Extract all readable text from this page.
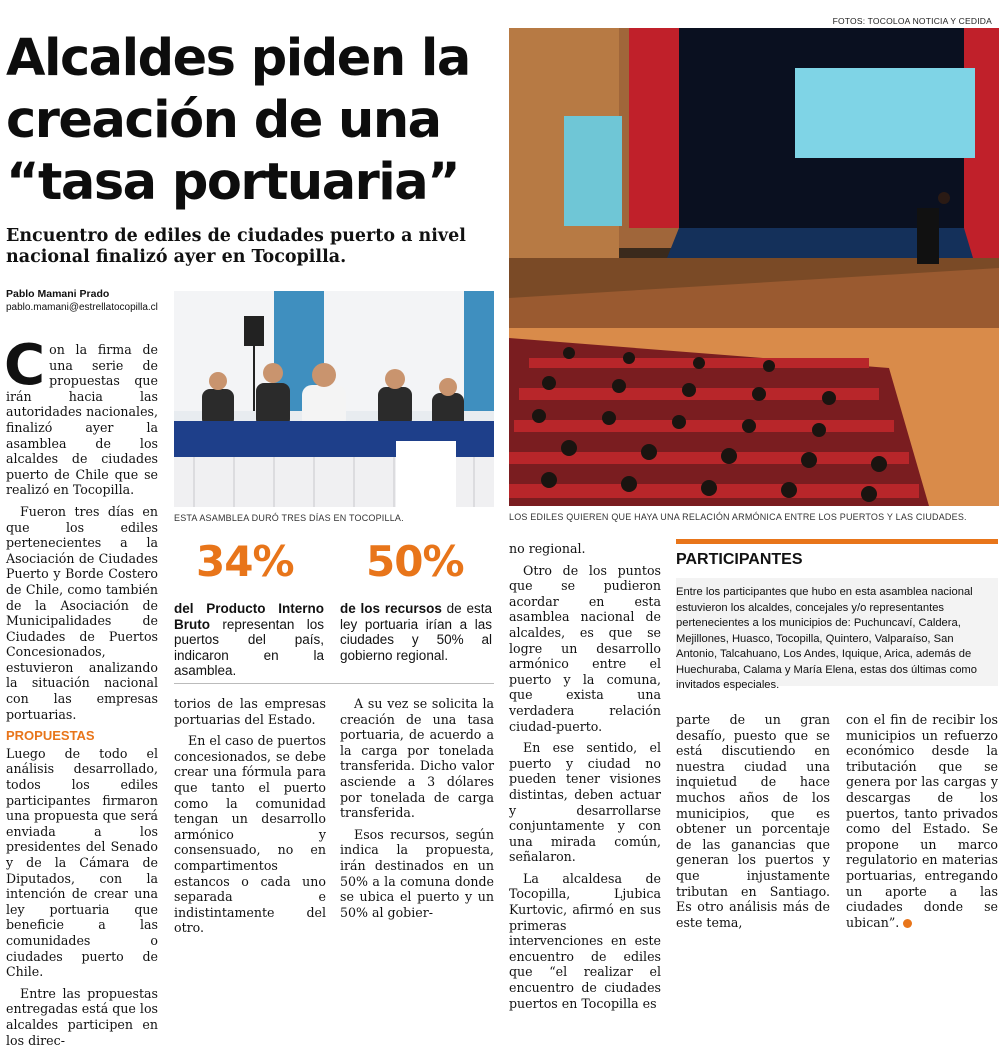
FOTOS: TOCOLOA NOTICIA Y CEDIDA
Alcaldes piden la
creación de una
“tasa portuaria”

Encuentro de ediles de ciudades puerto a nivel nacional finalizó ayer en Tocopilla.

Pablo Mamani Prado
pablo.mamani@estrellatocopilla.cl
LOS EDILES QUIEREN QUE HAYA UNA RELACIÓN ARMÓNICA ENTRE LOS PUERTOS Y LAS CIUDADES.
ESTA ASAMBLEA DURÓ TRES DÍAS EN TOCOPILLA.

Con la firma de una serie de propuestas que irán hacia las autoridades nacionales, finalizó ayer la asamblea de los alcaldes de ciudades puerto de Chile que se realizó en Tocopilla.

Fueron tres días en que los ediles pertenecientes a la Asociación de Ciudades Puerto y Borde Costero de Chile, como también de la Asociación de Municipalidades de Ciudades de Puertos Concesionados, estuvieron analizando la situación nacional con las empresas portuarias.

PROPUESTAS

Luego de todo el análisis desarrollado, todos los ediles participantes firmaron una propuesta que será enviada a los presidentes del Senado y de la Cámara de Diputados, con la intención de crear una ley portuaria que beneficie a las comunidades o ciudades puerto de Chile.

Entre las propuestas entregadas está que los alcaldes participen en los direc-

34%
del Producto Interno Bruto representan los puertos del país, indicaron en la asamblea.
50%
de los recursos de esta ley portuaria irían a las ciudades y 50% al gobierno regional.

torios de las empresas portuarias del Estado.

En el caso de puertos concesionados, se debe crear una fórmula para que tanto el puerto como la comunidad tengan un desarrollo armónico y consensuado, no en compartimentos estancos o cada uno separada e indistintamente del otro.

A su vez se solicita la creación de una tasa portuaria, de acuerdo a la carga por tonelada transferida. Dicho valor asciende a 3 dólares por tonelada de carga transferida.

Esos recursos, según indica la propuesta, irán destinados en un 50% a la comuna donde se ubica el puerto y un 50% al gobier-

no regional.

Otro de los puntos que se pudieron acordar en esta asamblea nacional de alcaldes, es que se logre un desarrollo armónico entre el puerto y la comuna, que exista una verdadera relación ciudad-puerto.

En ese sentido, el puerto y ciudad no pueden tener visiones distintas, deben actuar y desarrollarse conjuntamente y con una mirada común, señalaron.

La alcaldesa de Tocopilla, Ljubica Kurtovic, afirmó en sus primeras intervenciones en este encuentro de ediles que “el realizar el encuentro de ciudades puertos en Tocopilla es

PARTICIPANTES
Entre los participantes que hubo en esta asamblea nacional estuvieron los alcaldes, concejales y/o representantes pertenecientes a los municipios de: Puchuncaví, Caldera, Mejillones, Huasco, Tocopilla, Quintero, Valparaíso, San Antonio, Talcahuano, Los Andes, Iquique, Arica, además de Huechuraba, Calama y María Elena, estas dos últimas como invitados especiales.

parte de un gran desafío, puesto que se está discutiendo en nuestra ciudad una inquietud de hace muchos años de los municipios, que es obtener un porcentaje de las ganancias que generan los puertos y que injustamente tributan en Santiago. Es otro análisis más de este tema,

con el fin de recibir los municipios un refuerzo económico desde la tributación que se genera por las cargas y descargas de los puertos, tanto privados como del Estado. Se propone un marco regulatorio en materias portuarias, entregando un aporte a las ciudades donde se ubican”.
